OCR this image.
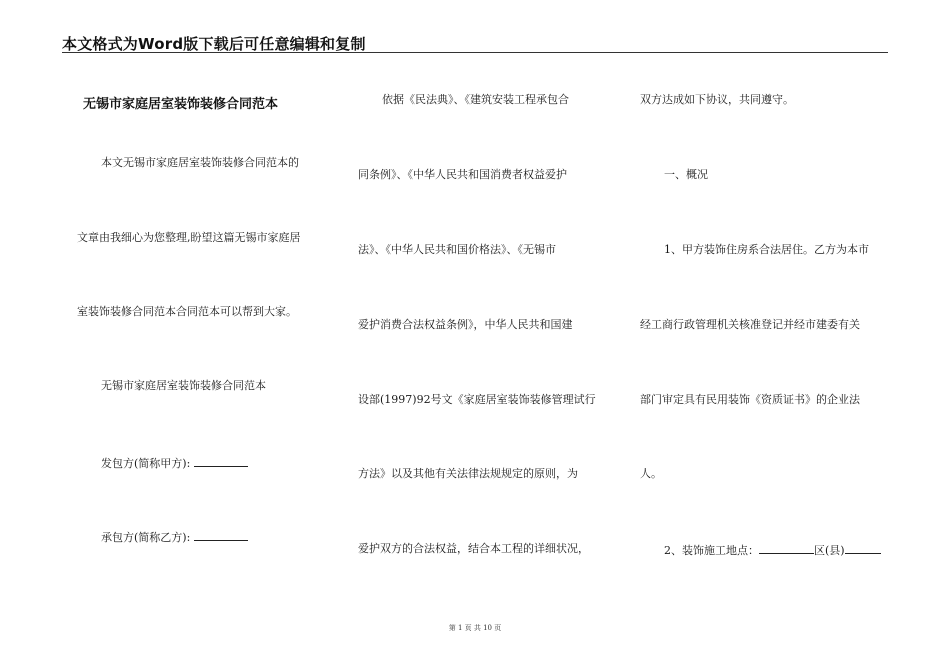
本文格式为Word版下载后可任意编辑和复制
无锡市家庭居室装饰装修合同范本
本文无锡市家庭居室装饰装修合同范本的
文章由我细心为您整理,盼望这篇无锡市家庭居
室装饰装修合同范本合同范本可以帮到大家。
无锡市家庭居室装饰装修合同范本
发包方(简称甲方):
承包方(简称乙方):
依据《民法典》、《建筑安装工程承包合
同条例》、《中华人民共和国消费者权益爱护
法》、《中华人民共和国价格法》、《无锡市
爱护消费合法权益条例》，中华人民共和国建
设部(1997)92号文《家庭居室装饰装修管理试行
方法》以及其他有关法律法规规定的原则，为
爱护双方的合法权益，结合本工程的详细状况，
双方达成如下协议，共同遵守。
一、概况
1、甲方装饰住房系合法居住。乙方为本市
经工商行政管理机关核准登记并经市建委有关
部门审定具有民用装饰《资质证书》的企业法
人。
2、装饰施工地点：	区(县)
第 1 页 共 10 页
